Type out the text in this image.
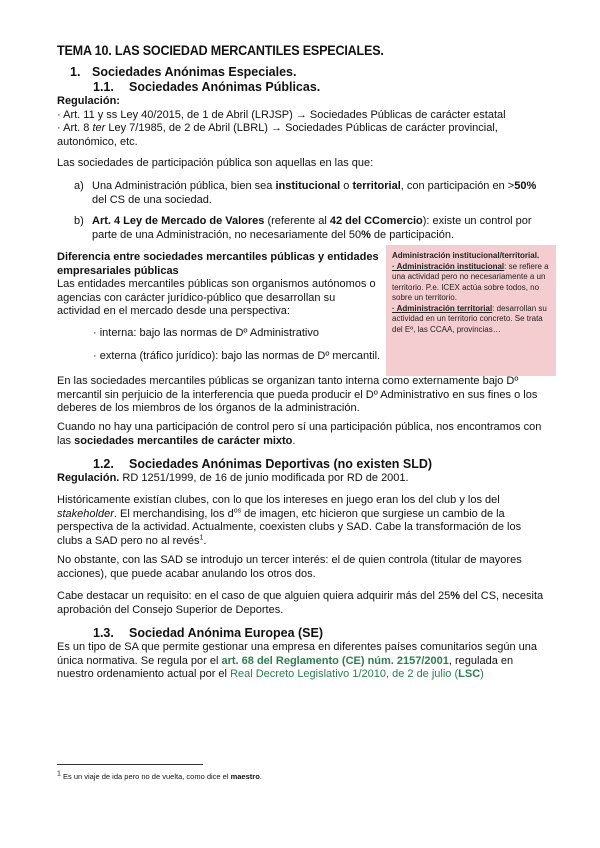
TEMA 10. LAS SOCIEDAD MERCANTILES ESPECIALES.
1. Sociedades Anónimas Especiales.
1.1. Sociedades Anónimas Públicas.
Regulación:
· Art. 11 y ss Ley 40/2015, de 1 de Abril (LRJSP) → Sociedades Públicas de carácter estatal
· Art. 8 ter Ley 7/1985, de 2 de Abril (LBRL) → Sociedades Públicas de carácter provincial,
autonómico, etc.
Las sociedades de participación pública son aquellas en las que:
a) Una Administración pública, bien sea institucional o territorial, con participación en >50%
del CS de una sociedad.
b) Art. 4 Ley de Mercado de Valores (referente al 42 del CComercio): existe un control por
parte de una Administración, no necesariamente del 50% de participación.
Diferencia entre sociedades mercantiles públicas y entidades
empresariales públicas
Las entidades mercantiles públicas son organismos autónomos o
agencias con carácter jurídico-público que desarrollan su
actividad en el mercado desde una perspectiva:
· interna: bajo las normas de Dº Administrativo
· externa (tráfico jurídico): bajo las normas de Dº mercantil.
Administración institucional/territorial.
· Administración institucional: se refiere a una actividad pero no necesariamente a un territorio. P.e. ICEX actúa sobre todos, no sobre un territorio.
· Administración territorial: desarrollan su actividad en un territorio concreto. Se trata del Eº, las CCAA, provincias…
En las sociedades mercantiles públicas se organizan tanto interna como externamente bajo Dº
mercantil sin perjuicio de la interferencia que pueda producir el Dº Administrativo en sus fines o los
deberes de los miembros de los órganos de la administración.
Cuando no hay una participación de control pero sí una participación pública, nos encontramos con
las sociedades mercantiles de carácter mixto.
1.2. Sociedades Anónimas Deportivas (no existen SLD)
Regulación. RD 1251/1999, de 16 de junio modificada por RD de 2001.
Históricamente existían clubes, con lo que los intereses en juego eran los del club y los del
stakeholder. El merchandising, los $d^{os}$ de imagen, etc hicieron que surgiese un cambio de la
perspectiva de la actividad. Actualmente, coexisten clubs y SAD. Cabe la transformación de los
clubs a SAD pero no al revés$^1$.
No obstante, con las SAD se introdujo un tercer interés: el de quien controla (titular de mayores
acciones), que puede acabar anulando los otros dos.
Cabe destacar un requisito: en el caso de que alguien quiera adquirir más del 25% del CS, necesita
aprobación del Consejo Superior de Deportes.
1.3. Sociedad Anónima Europea (SE)
Es un tipo de SA que permite gestionar una empresa en diferentes países comunitarios según una
única normativa. Se regula por el art. 68 del Reglamento (CE) núm. 2157/2001, regulada en
nuestro ordenamiento actual por el Real Decreto Legislativo 1/2010, de 2 de julio (LSC)
$^1$ Es un viaje de ida pero no de vuelta, como dice el maestro.
